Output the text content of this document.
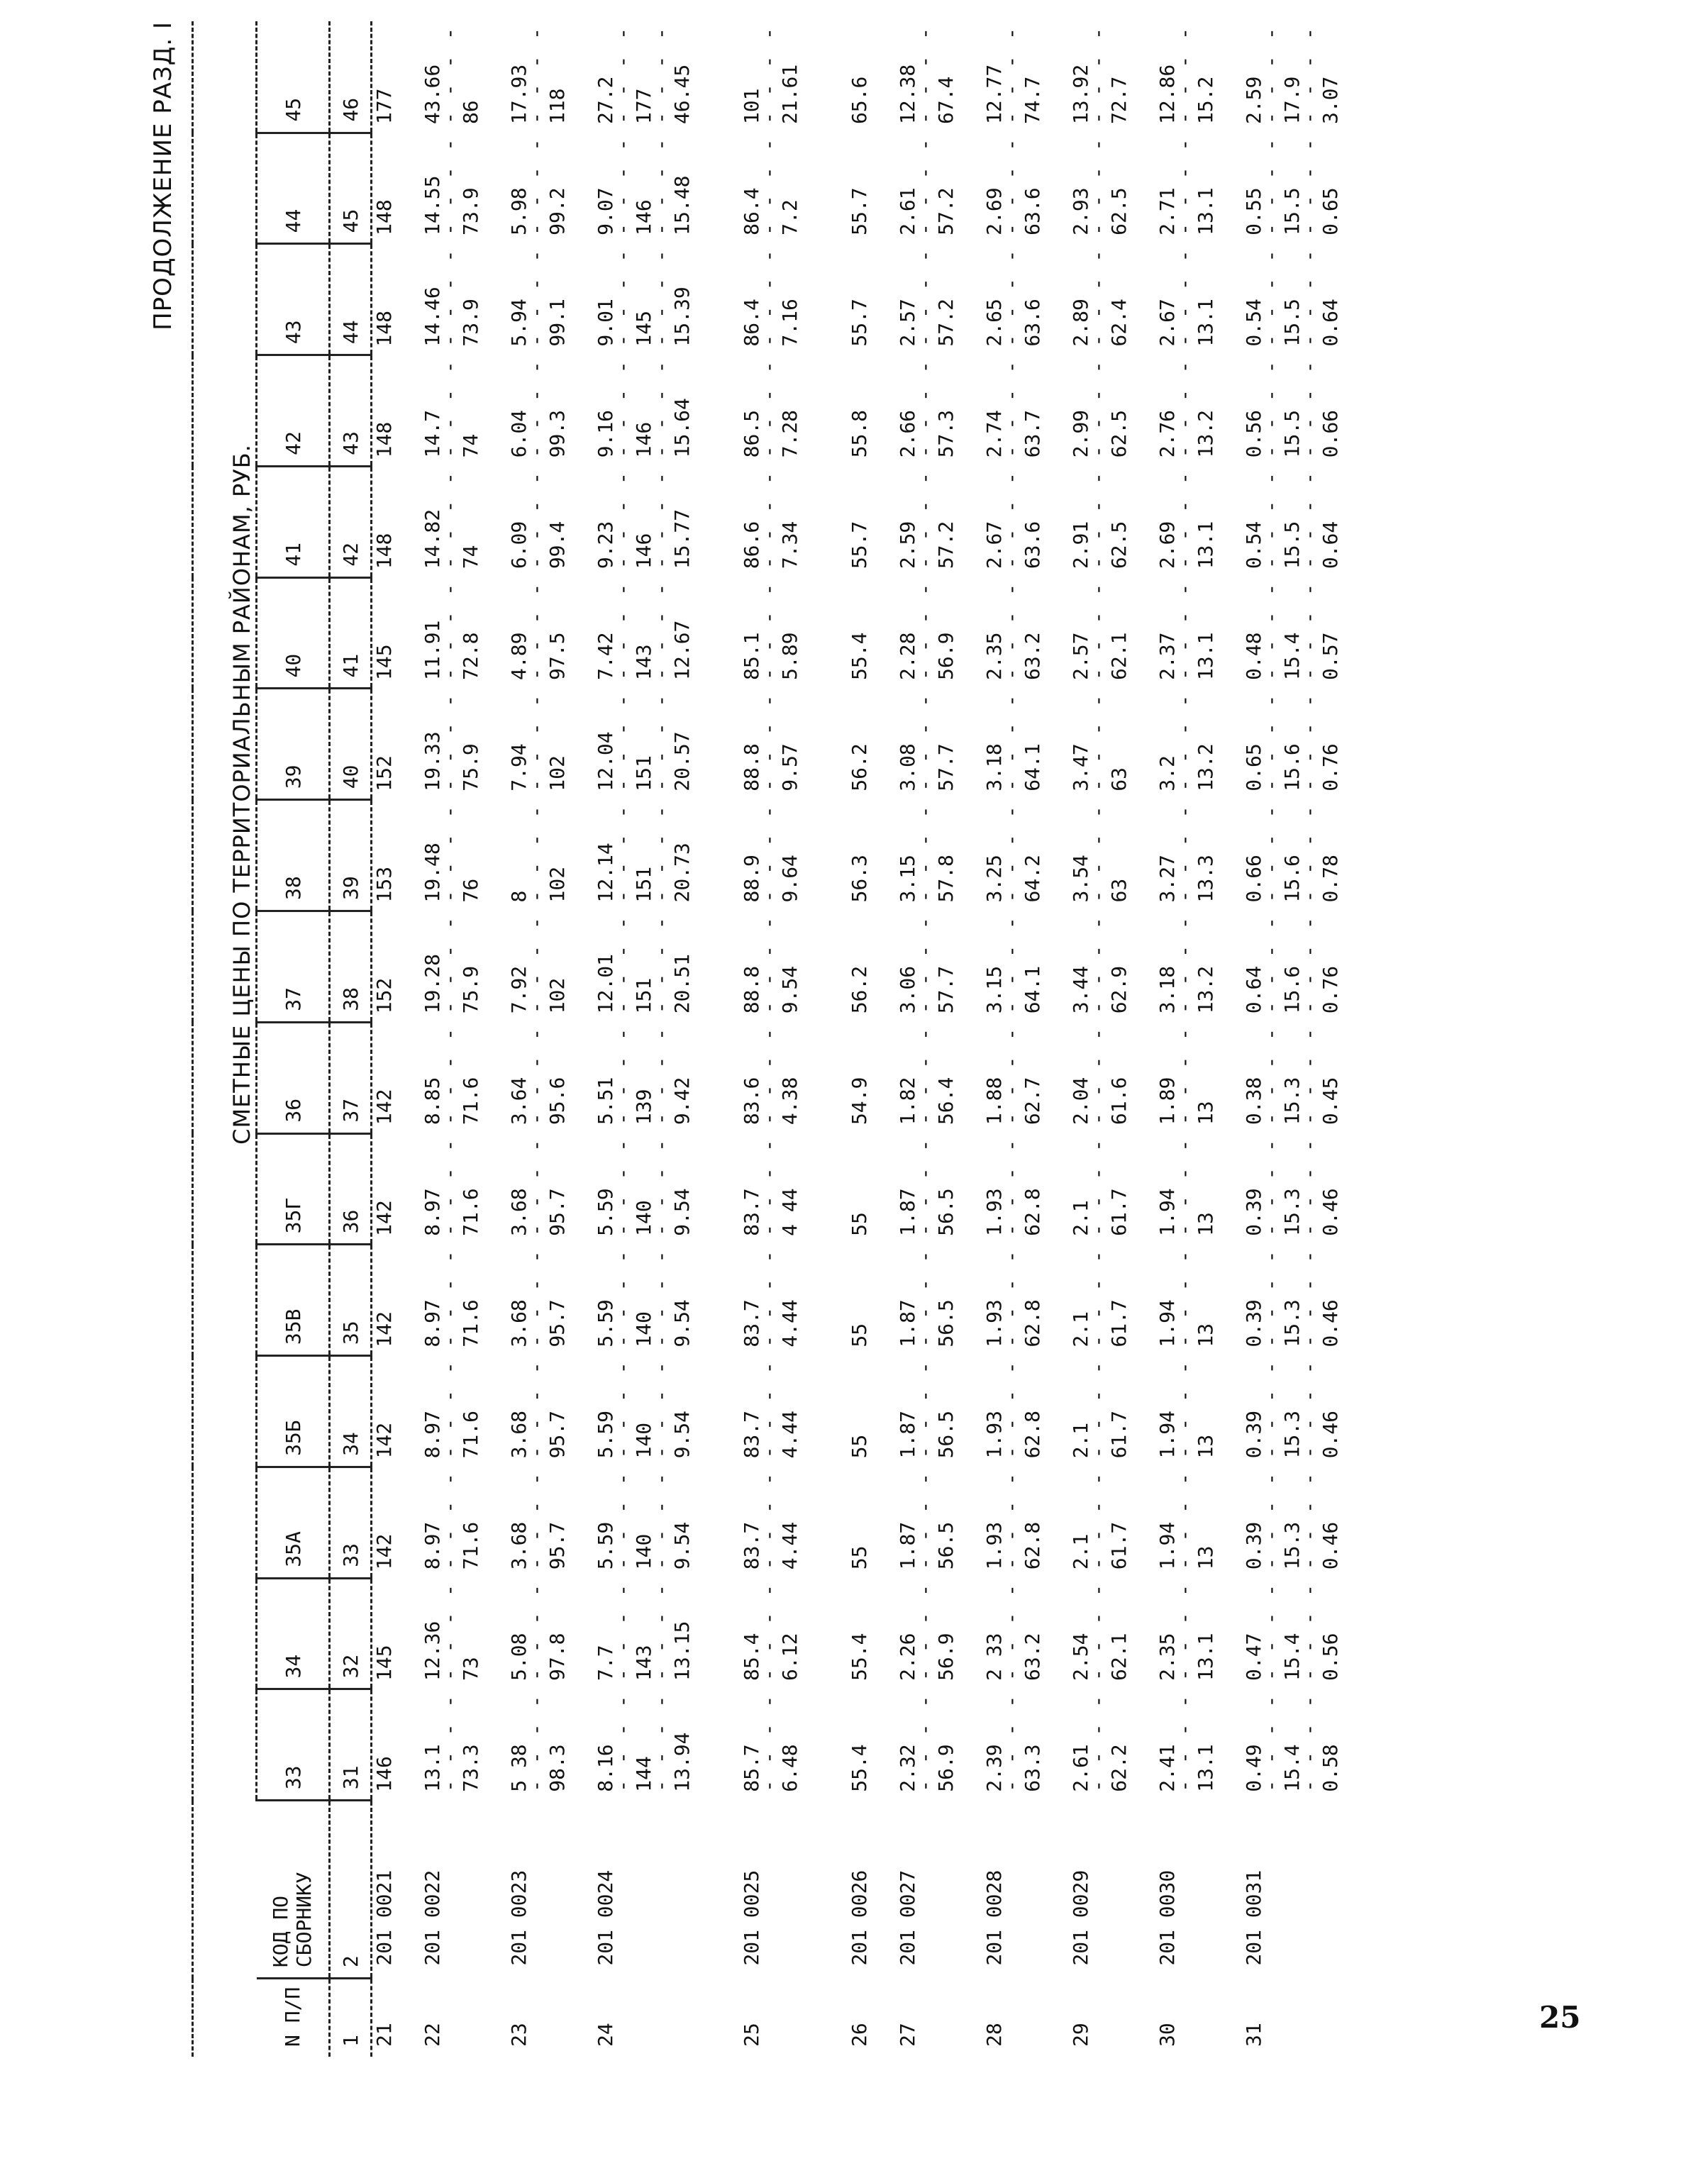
ПРОДОЛЖЕНИЕ РАЗД. I
СМЕТНЫЕ ЦЕНЫ ПО ТЕРРИТОРИАЛЬНЫМ РАЙОНАМ, РУБ.

N П/П	КОД ПО СБОРНИКУ	33	34	35А	35Б	35В	35Г	36	37	38	39	40	41	42	43	44	45
1	2	31	32	33	34	35	36	37	38	39	40	41	42	43	44	45	46
21	201 0021	146	145	142	142	142	142	142	152	153	152	145	148	148	148	148	177

22	201 0022	13.1 - - - - 73.3	12.36 - - - - 73	8.97 - - - - 71.6	8.97 - - - - 71.6	8.97 - - - - 71.6	8.97 - - - - 71.6	8.85 - - - - 71.6	19.28 - - - - 75.9	19.48 - - - - 76	19.33 - - - - 75.9	11.91 - - - - 72.8	14.82 - - - - 74	14.7 - - - - 74	14.46 - - - - 73.9	14.55 - - - - 73.9	43.66 - - - - 86

23	201 0023	5 38 - - - - 98.3	5.08 - - - - 97.8	3.68 - - - - 95.7	3.68 - - - - 95.7	3.68 - - - - 95.7	3.68 - - - - 95.7	3.64 - - - - 95.6	7.92 - - - - 102	8 - - - - 102	7.94 - - - - 102	4.89 - - - - 97.5	6.09 - - - - 99.4	6.04 - - - - 99.3	5.94 - - - - 99.1	5.98 - - - - 99.2	17.93 - - - - 118

24	201 0024	8.16 - - - - 144 - - - - 13.94	7.7 - - - - 143 - - - - 13.15	5.59 - - - - 140 - - - - 9.54	5.59 - - - - 140 - - - - 9.54	5.59 - - - - 140 - - - - 9.54	5.59 - - - - 140 - - - - 9.54	5.51 - - - - 139 - - - - 9.42	12.01 - - - - 151 - - - - 20.51	12.14 - - - - 151 - - - - 20.73	12.04 - - - - 151 - - - - 20.57	7.42 - - - - 143 - - - - 12.67	9.23 - - - - 146 - - - - 15.77	9.16 - - - - 146 - - - - 15.64	9.01 - - - - 145 - - - - 15.39	9.07 - - - - 146 - - - - 15.48	27.2 - - - - 177 - - - - 46.45

25	201 0025	85.7 - - - - 6.48	85.4 - - - - 6.12	83.7 - - - - 4.44	83.7 - - - - 4.44	83.7 - - - - 4.44	83.7 - - - - 4 44	83.6 - - - - 4.38	88.8 - - - - 9.54	88.9 - - - - 9.64	88.8 - - - - 9.57	85.1 - - - - 5.89	86.6 - - - - 7.34	86.5 - - - - 7.28	86.4 - - - - 7.16	86.4 - - - - 7.2	101 - - - - 21.61

26	201 0026	55.4	55.4	55	55	55	55	54.9	56.2	56.3	56.2	55.4	55.7	55.8	55.7	55.7	65.6

27	201 0027	2.32 - - - - 56.9	2.26 - - - - 56.9	1.87 - - - - 56.5	1.87 - - - - 56.5	1.87 - - - - 56.5	1.87 - - - - 56.5	1.82 - - - - 56.4	3.06 - - - - 57.7	3.15 - - - - 57.8	3.08 - - - - 57.7	2.28 - - - - 56.9	2.59 - - - - 57.2	2.66 - - - - 57.3	2.57 - - - - 57.2	2.61 - - - - 57.2	12.38 - - - - 67.4

28	201 0028	2.39 - - - - 63.3	2 33 - - - - 63.2	1.93 - - - - 62.8	1.93 - - - - 62.8	1.93 - - - - 62.8	1.93 - - - - 62.8	1.88 - - - - 62.7	3.15 - - - - 64.1	3.25 - - - - 64.2	3.18 - - - - 64.1	2.35 - - - - 63.2	2.67 - - - - 63.6	2.74 - - - - 63.7	2.65 - - - - 63.6	2.69 - - - - 63.6	12.77 - - - - 74.7

29	201 0029	2.61 - - - - 62.2	2.54 - - - - 62.1	2.1 - - - - 61.7	2.1 - - - - 61.7	2.1 - - - - 61.7	2.1 - - - - 61.7	2.04 - - - - 61.6	3.44 - - - - 62.9	3.54 - - - - 63	3.47 - - - - 63	2.57 - - - - 62.1	2.91 - - - - 62.5	2.99 - - - - 62.5	2.89 - - - - 62.4	2.93 - - - - 62.5	13.92 - - - - 72.7

30	201 0030	2.41 - - - - 13.1	2.35 - - - - 13.1	1.94 - - - - 13	1.94 - - - - 13	1.94 - - - - 13	1.94 - - - - 13	1.89 - - - - 13	3.18 - - - - 13.2	3.27 - - - - 13.3	3.2 - - - - 13.2	2.37 - - - - 13.1	2.69 - - - - 13.1	2.76 - - - - 13.2	2.67 - - - - 13.1	2.71 - - - - 13.1	12.86 - - - - 15.2

31	201 0031	0.49 - - - - 15.4 - - - - 0.58	0.47 - - - - 15.4 - - - - 0.56	0.39 - - - - 15.3 - - - - 0.46	0.39 - - - - 15.3 - - - - 0.46	0.39 - - - - 15.3 - - - - 0.46	0.39 - - - - 15.3 - - - - 0.46	0.38 - - - - 15.3 - - - - 0.45	0.64 - - - - 15.6 - - - - 0.76	0.66 - - - - 15.6 - - - - 0.78	0.65 - - - - 15.6 - - - - 0.76	0.48 - - - - 15.4 - - - - 0.57	0.54 - - - - 15.5 - - - - 0.64	0.56 - - - - 15.5 - - - - 0.66	0.54 - - - - 15.5 - - - - 0.64	0.55 - - - - 15.5 - - - - 0.65	2.59 - - - - 17.9 - - - - 3.07

25
